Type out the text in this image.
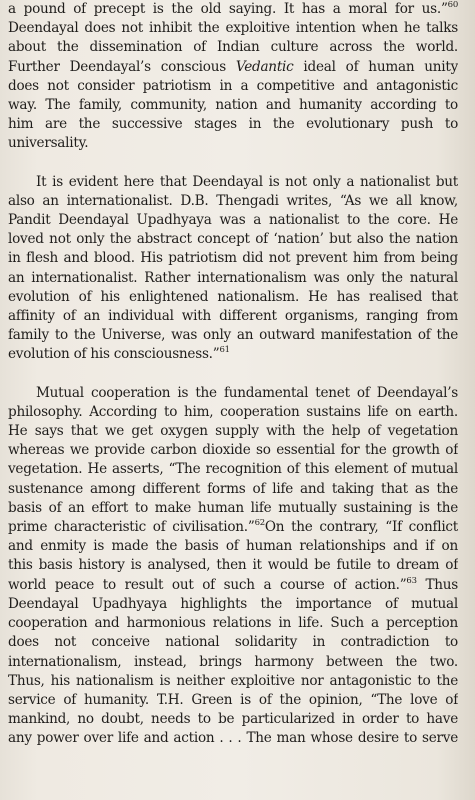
a pound of precept is the old saying. It has a moral for us.”$^{60}$
Deendayal does not inhibit the exploitive intention when he talks
about the dissemination of Indian culture across the world.
Further Deendayal’s conscious Vedantic ideal of human unity
does not consider patriotism in a competitive and antagonistic
way. The family, community, nation and humanity according to
him are the successive stages in the evolutionary push to
universality.
It is evident here that Deendayal is not only a nationalist but
also an internationalist. D.B. Thengadi writes, “As we all know,
Pandit Deendayal Upadhyaya was a nationalist to the core. He
loved not only the abstract concept of ‘nation’ but also the nation
in flesh and blood. His patriotism did not prevent him from being
an internationalist. Rather internationalism was only the natural
evolution of his enlightened nationalism. He has realised that
affinity of an individual with different organisms, ranging from
family to the Universe, was only an outward manifestation of the
evolution of his consciousness.”$^{61}$
Mutual cooperation is the fundamental tenet of Deendayal’s
philosophy. According to him, cooperation sustains life on earth.
He says that we get oxygen supply with the help of vegetation
whereas we provide carbon dioxide so essential for the growth of
vegetation. He asserts, “The recognition of this element of mutual
sustenance among different forms of life and taking that as the
basis of an effort to make human life mutually sustaining is the
prime characteristic of civilisation.”$^{62}$On the contrary, “If conflict
and enmity is made the basis of human relationships and if on
this basis history is analysed, then it would be futile to dream of
world peace to result out of such a course of action.”$^{63}$ Thus
Deendayal Upadhyaya highlights the importance of mutual
cooperation and harmonious relations in life. Such a perception
does not conceive national solidarity in contradiction to
internationalism, instead, brings harmony between the two.
Thus, his nationalism is neither exploitive nor antagonistic to the
service of humanity. T.H. Green is of the opinion, “The love of
mankind, no doubt, needs to be particularized in order to have
any power over life and action . . . The man whose desire to serve
